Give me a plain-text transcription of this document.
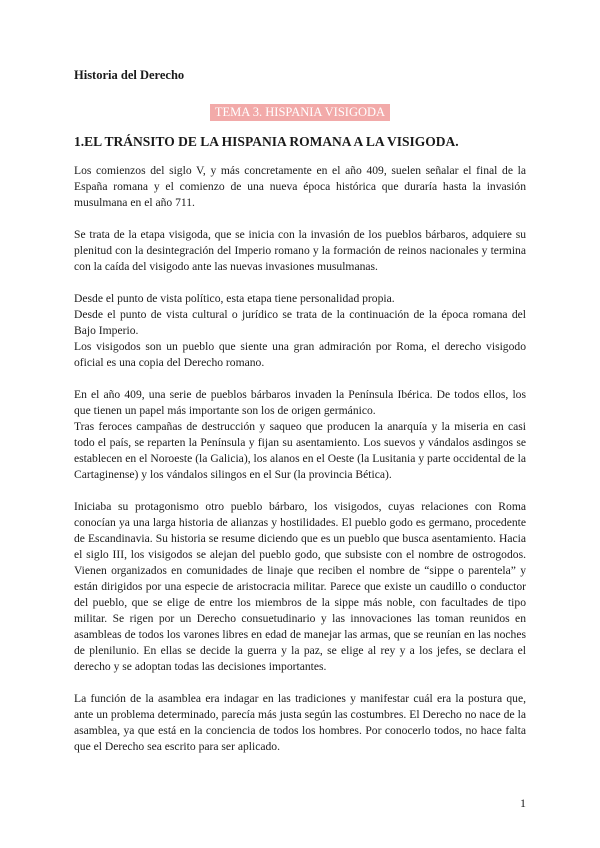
Historia del Derecho
TEMA 3. HISPANIA VISIGODA
1.EL TRÁNSITO DE LA HISPANIA ROMANA A LA VISIGODA.

Los comienzos del siglo V, y más concretamente en el año 409, suelen señalar el final de la España romana y el comienzo de una nueva época histórica que duraría hasta la invasión musulmana en el año 711.

Se trata de la etapa visigoda, que se inicia con la invasión de los pueblos bárbaros, adquiere su plenitud con la desintegración del Imperio romano y la formación de reinos nacionales y termina con la caída del visigodo ante las nuevas invasiones musulmanas.

Desde el punto de vista político, esta etapa tiene personalidad propia.

Desde el punto de vista cultural o jurídico se trata de la continuación de la época romana del Bajo Imperio.

Los visigodos son un pueblo que siente una gran admiración por Roma, el derecho visigodo oficial es una copia del Derecho romano.

En el año 409, una serie de pueblos bárbaros invaden la Península Ibérica. De todos ellos, los que tienen un papel más importante son los de origen germánico.

Tras feroces campañas de destrucción y saqueo que producen la anarquía y la miseria en casi todo el país, se reparten la Península y fijan su asentamiento. Los suevos y vándalos asdingos se establecen en el Noroeste (la Galicia), los alanos en el Oeste (la Lusitania y parte occidental de la Cartaginense) y los vándalos silingos en el Sur (la provincia Bética).

Iniciaba su protagonismo otro pueblo bárbaro, los visigodos, cuyas relaciones con Roma conocían ya una larga historia de alianzas y hostilidades. El pueblo godo es germano, procedente de Escandinavia. Su historia se resume diciendo que es un pueblo que busca asentamiento. Hacia el siglo III, los visigodos se alejan del pueblo godo, que subsiste con el nombre de ostrogodos. Vienen organizados en comunidades de linaje que reciben el nombre de “sippe o parentela” y están dirigidos por una especie de aristocracia militar. Parece que existe un caudillo o conductor del pueblo, que se elige de entre los miembros de la sippe más noble, con facultades de tipo militar. Se rigen por un Derecho consuetudinario y las innovaciones las toman reunidos en asambleas de todos los varones libres en edad de manejar las armas, que se reunían en las noches de plenilunio. En ellas se decide la guerra y la paz, se elige al rey y a los jefes, se declara el derecho y se adoptan todas las decisiones importantes.

La función de la asamblea era indagar en las tradiciones y manifestar cuál era la postura que, ante un problema determinado, parecía más justa según las costumbres. El Derecho no nace de la asamblea, ya que está en la conciencia de todos los hombres. Por conocerlo todos, no hace falta que el Derecho sea escrito para ser aplicado.

1
